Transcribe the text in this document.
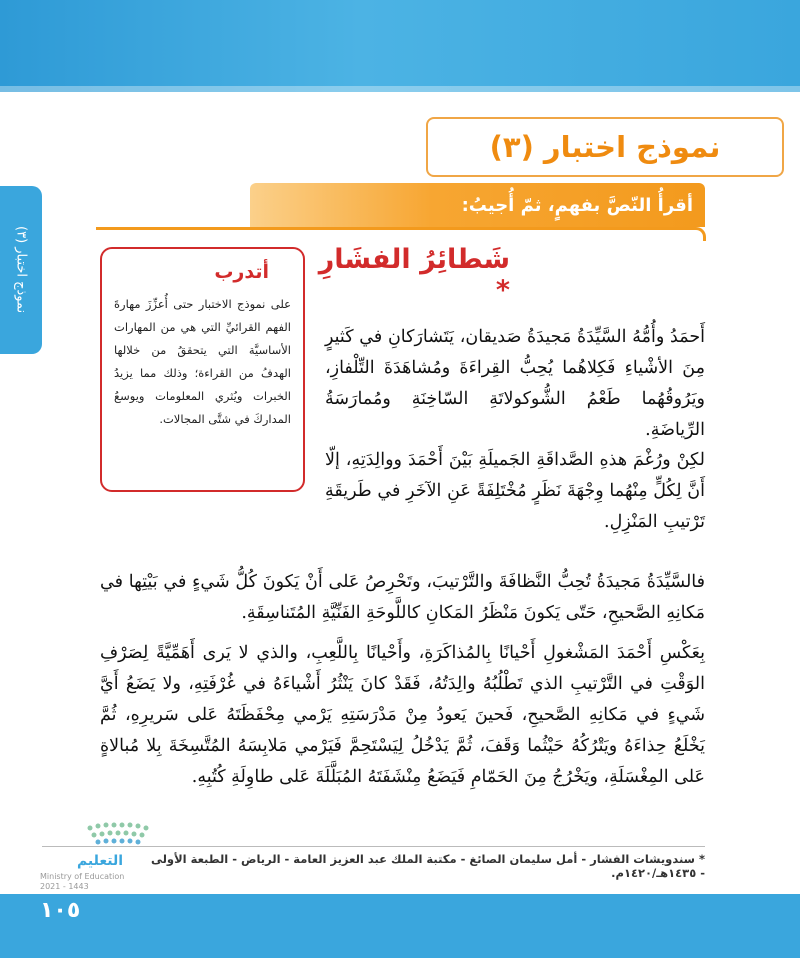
نموذج اختبار (٣)
نموذج اختبار (٣)
أقرأُ النّصَّ بفهمٍ، ثمّ أُجيبُ:
أتدرب
على نموذج الاختبار حتى أُعزِّزَ مهارةَ الفهم القرائيِّ التي هي من المهارات الأساسيَّة التي يتحققُ من خلالها الهدفُ من القراءة؛ وذلك مما يزيدُ الخبرات ويُثري المعلومات ويوسعُ المداركَ في شتَّى المجالات.
شَطائِرُ الفشَارِ *

أَحمَدُ وأُمُّهُ السَّيِّدَةُ مَجيدَةُ صَديقان، يَتَشارَكانِ في كَثيرٍ مِنَ الأشْياءِ فَكِلاهُما يُحِبُّ القِراءَةَ ومُشاهَدَةَ التِّلْفازِ، ويَرُوقُهُما طَعْمُ الشُّوكولاتَةِ السّاخِنَةِ ومُمارَسَةُ الرِّياضَةِ.

لكِنْ ورُغْمَ هذهِ الصَّداقَةِ الجَميلَةِ بَيْنَ أَحْمَدَ ووالِدَتِهِ، إلّا أَنَّ لِكُلٍّ مِنْهُما وِجْهَةَ نَظَرٍ مُخْتَلِفَةً عَنِ الآخَرِ في طَريقَةِ تَرْتيبِ المَنْزِلِ.

فالسَّيِّدَةُ مَجيدَةُ تُحِبُّ النَّظافَةَ والتَّرْتيبَ، وتَحْرِصُ عَلى أَنْ يَكونَ كُلُّ شَيءٍ في بَيْتِها في مَكانِهِ الصَّحيحِ، حَتّى يَكونَ مَنْظَرُ المَكانِ كاللَّوحَةِ الفَنِّيَّةِ المُتَناسِقَةِ.

بِعَكْسِ أَحْمَدَ المَشْغولِ أَحْيانًا بِالمُذاكَرَةِ، وأَحْيانًا بِاللَّعِبِ، والذي لا يَرى أَهَمِّيَّةً لِصَرْفِ الوَقْتِ في التَّرْتيبِ الذي تَطْلُبُهُ والِدَتُهُ، فَقَدْ كانَ يَنْثُرُ أَشْياءَهُ في غُرْفَتِهِ، ولا يَضَعُ أَيَّ شَيءٍ في مَكانِهِ الصَّحيحِ، فَحينَ يَعودُ مِنْ مَدْرَسَتِهِ يَرْمي مِحْفَظَتَهُ عَلى سَريرِهِ، ثُمَّ يَخْلَعُ حِذاءَهُ ويَتْرُكُهُ حَيْثُما وَقَفَ، ثُمَّ يَدْخُلُ لِيَسْتَحِمَّ فَيَرْمي مَلابِسَهُ المُتَّسِخَةَ بِلا مُبالاةٍ عَلى المِغْسَلَةِ، ويَخْرُجُ مِنَ الحَمّامِ فَيَضَعُ مِنْشَفَتَهُ المُبَلَّلَةَ عَلى طاوِلَةِ كُتُبِهِ.

* سندويشات الفشار - أمل سليمان الصائغ - مكتبة الملك عبد العزيز العامة - الرياض - الطبعة الأولى - ١٤٣٥هـ/١٤٢٠م.
التعليم
Ministry of Education
2021 - 1443
١٠٥
